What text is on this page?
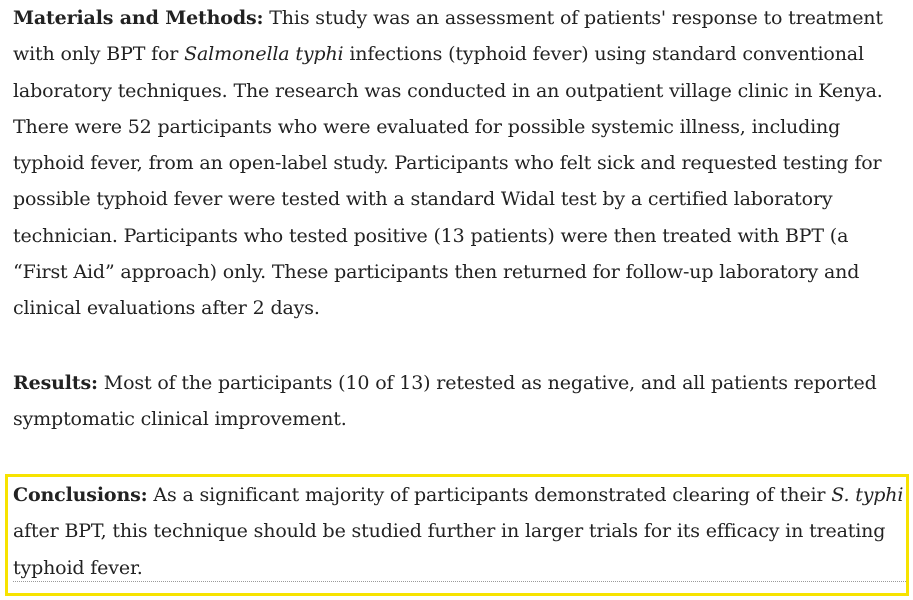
Materials and Methods: This study was an assessment of patients' response to treatment
with only BPT for Salmonella typhi infections (typhoid fever) using standard conventional
laboratory techniques. The research was conducted in an outpatient village clinic in Kenya.
There were 52 participants who were evaluated for possible systemic illness, including
typhoid fever, from an open-label study. Participants who felt sick and requested testing for
possible typhoid fever were tested with a standard Widal test by a certified laboratory
technician. Participants who tested positive (13 patients) were then treated with BPT (a
“First Aid” approach) only. These participants then returned for follow-up laboratory and
clinical evaluations after 2 days.
Results: Most of the participants (10 of 13) retested as negative, and all patients reported
symptomatic clinical improvement.
Conclusions: As a significant majority of participants demonstrated clearing of their S. typhi
after BPT, this technique should be studied further in larger trials for its efficacy in treating
typhoid fever.
